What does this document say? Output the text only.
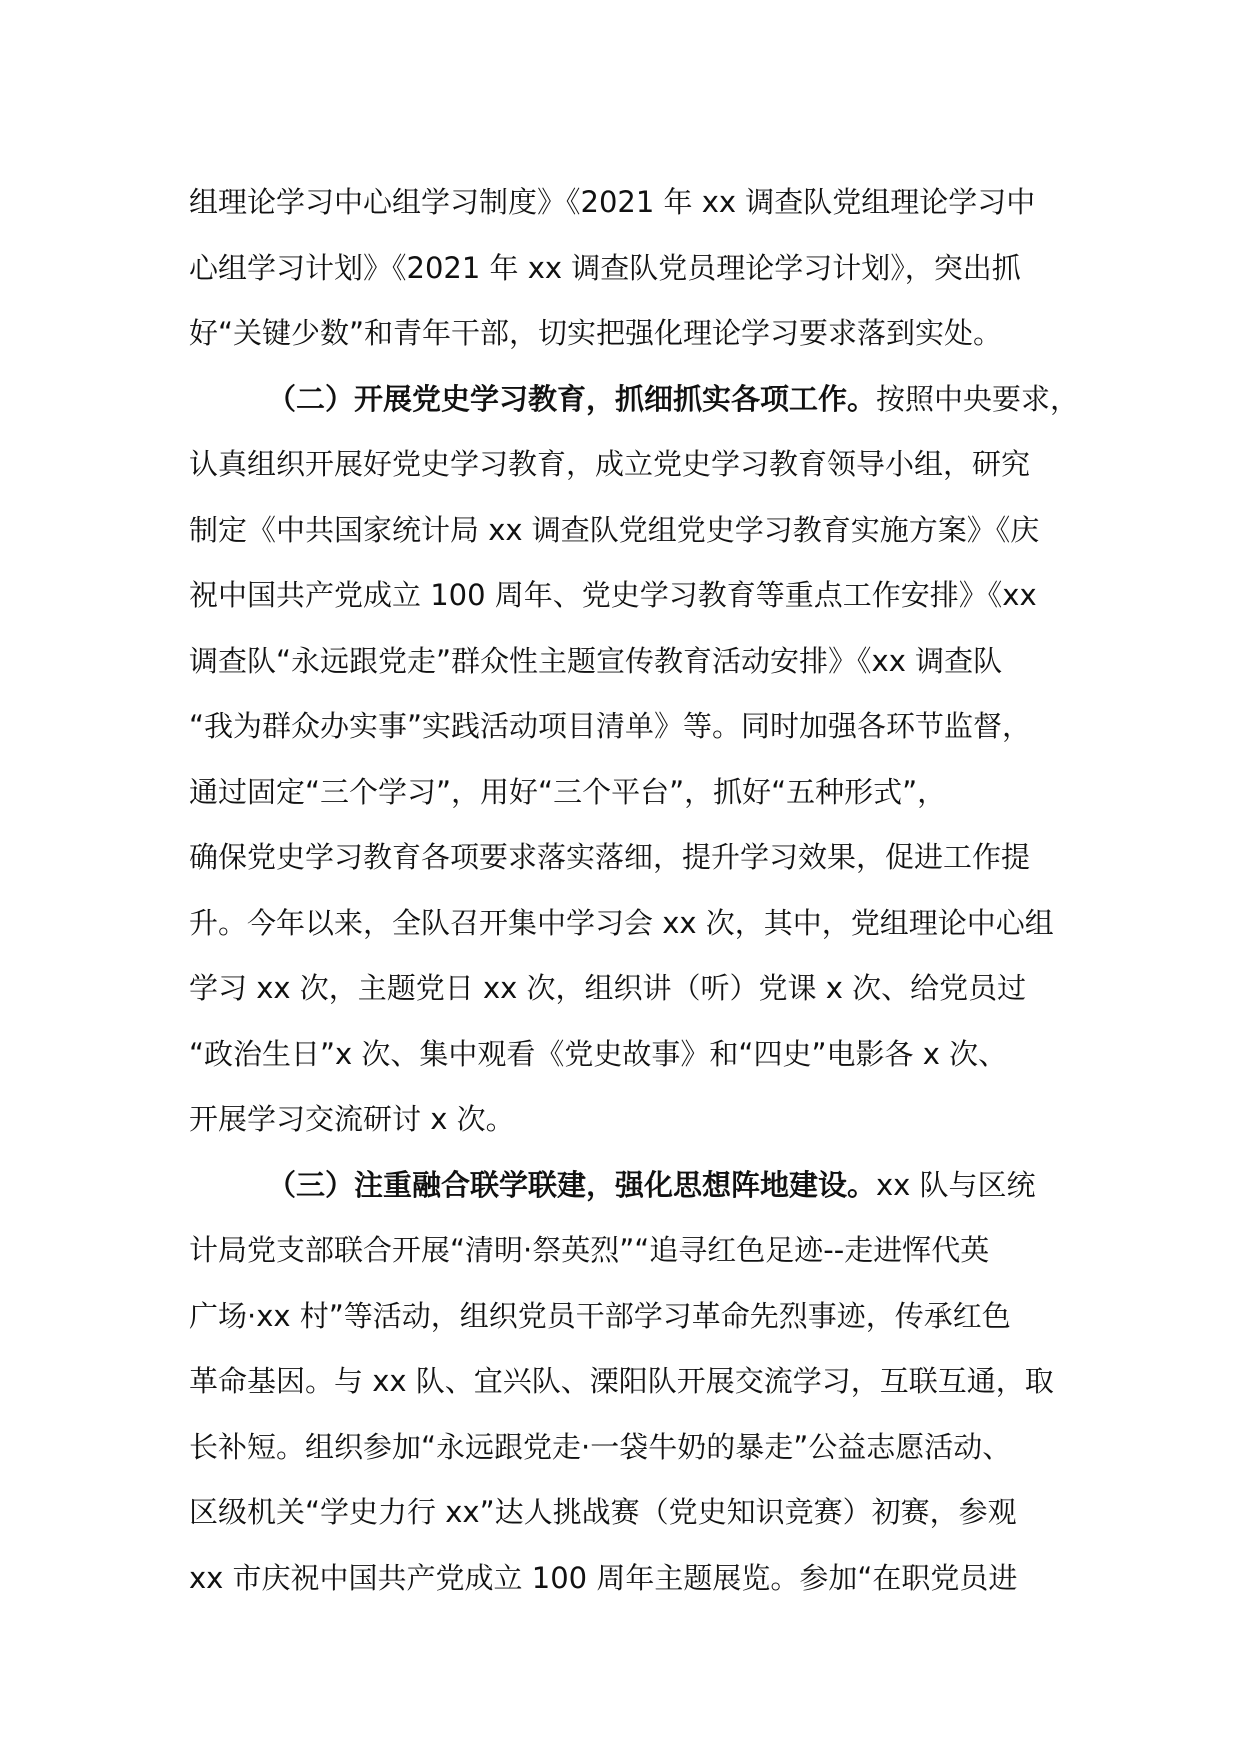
组理论学习中心组学习制度》《2021 年 xx 调查队党组理论学习中
心组学习计划》《2021 年 xx 调查队党员理论学习计划》，突出抓
好“关键少数”和青年干部，切实把强化理论学习要求落到实处。
（二）开展党史学习教育，抓细抓实各项工作。按照中央要求，
认真组织开展好党史学习教育，成立党史学习教育领导小组，研究
制定《中共国家统计局 xx 调查队党组党史学习教育实施方案》《庆
祝中国共产党成立 100 周年、党史学习教育等重点工作安排》《xx
调查队“永远跟党走”群众性主题宣传教育活动安排》《xx 调查队
“我为群众办实事”实践活动项目清单》等。同时加强各环节监督，
通过固定“三个学习”，用好“三个平台”，抓好“五种形式”，
确保党史学习教育各项要求落实落细，提升学习效果，促进工作提
升。今年以来，全队召开集中学习会 xx 次，其中，党组理论中心组
学习 xx 次，主题党日 xx 次，组织讲（听）党课 x 次、给党员过
“政治生日”x 次、集中观看《党史故事》和“四史”电影各 x 次、
开展学习交流研讨 x 次。
（三）注重融合联学联建，强化思想阵地建设。xx 队与区统
计局党支部联合开展“清明·祭英烈”“追寻红色足迹--走进恽代英
广场·xx 村”等活动，组织党员干部学习革命先烈事迹，传承红色
革命基因。与 xx 队、宜兴队、溧阳队开展交流学习，互联互通，取
长补短。组织参加“永远跟党走·一袋牛奶的暴走”公益志愿活动、
区级机关“学史力行 xx”达人挑战赛（党史知识竞赛）初赛，参观
xx 市庆祝中国共产党成立 100 周年主题展览。参加“在职党员进
